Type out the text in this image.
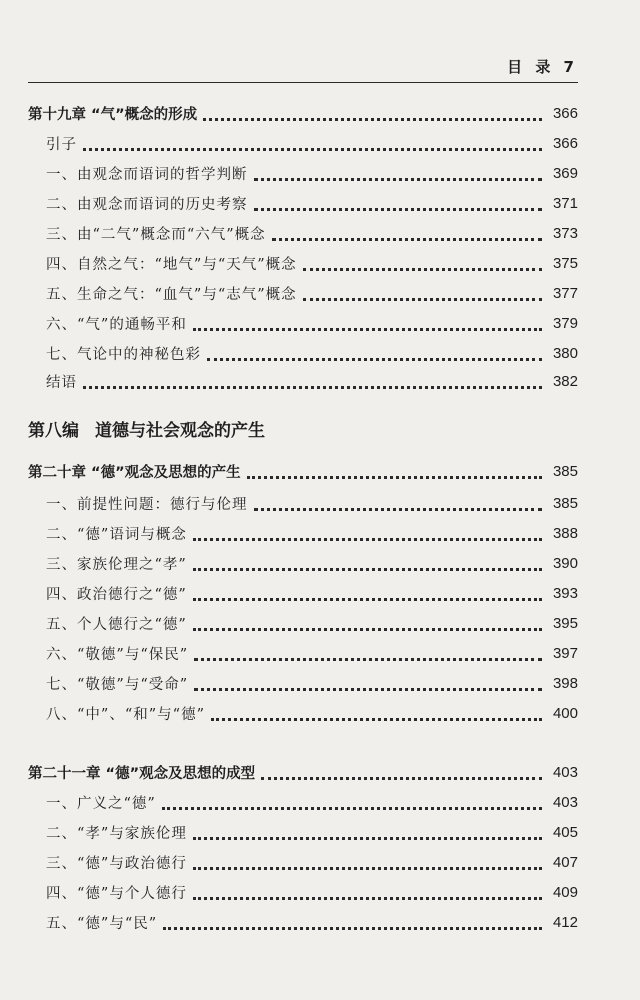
目 录 7
第十九章 “气”概念的形成	366
引子	366
一、由观念而语词的哲学判断	369
二、由观念而语词的历史考察	371
三、由“二气”概念而“六气”概念	373
四、自然之气：“地气”与“天气”概念	375
五、生命之气：“血气”与“志气”概念	377
六、“气”的通畅平和	379
七、气论中的神秘色彩	380
结语	382
第八编 道德与社会观念的产生
第二十章 “德”观念及思想的产生	385
一、前提性问题：德行与伦理	385
二、“德”语词与概念	388
三、家族伦理之“孝”	390
四、政治德行之“德”	393
五、个人德行之“德”	395
六、“敬德”与“保民”	397
七、“敬德”与“受命”	398
八、“中”、“和”与“德”	400
第二十一章 “德”观念及思想的成型	403
一、广义之“德”	403
二、“孝”与家族伦理	405
三、“德”与政治德行	407
四、“德”与个人德行	409
五、“德”与“民”	412
